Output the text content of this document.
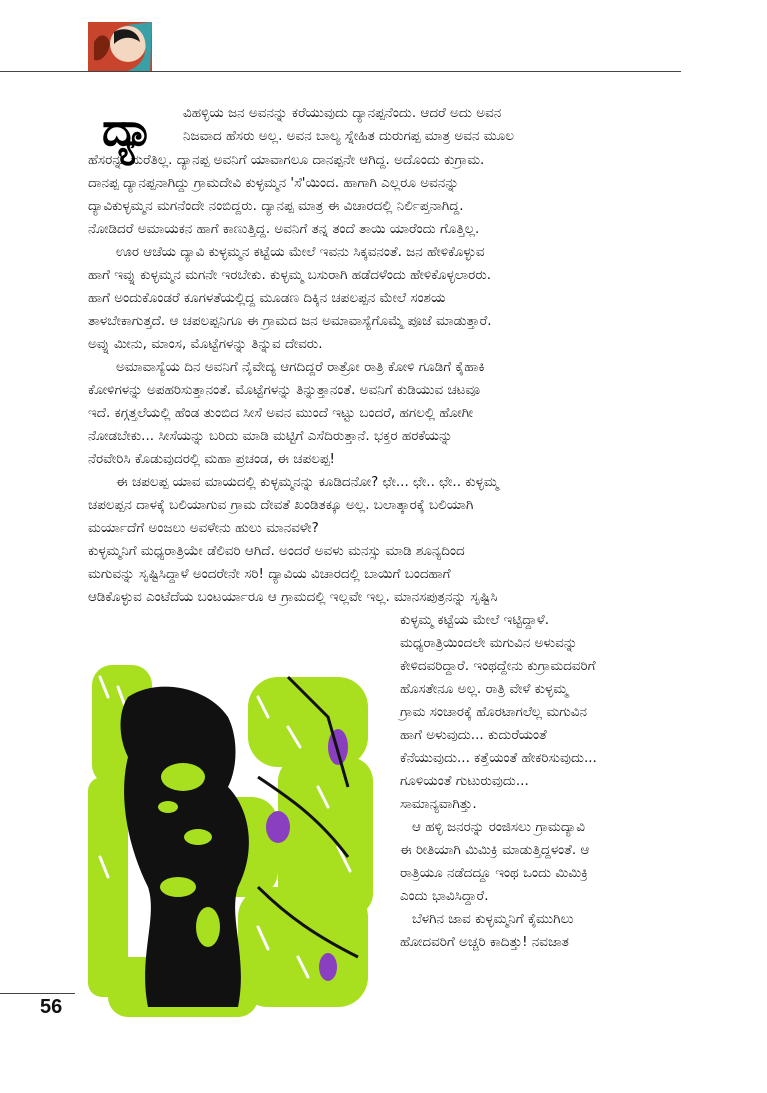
ದ್ಯಾ	ವಿಹಳ್ಳಿಯ ಜನ ಅವನನ್ನು ಕರೆಯುವುದು ದ್ಯಾನಪ್ಪನೆಂದು. ಆದರೆ ಅದು ಅವನ
ನಿಜವಾದ ಹೆಸರು ಅಲ್ಲ. ಅವನ ಬಾಲ್ಯ ಸ್ನೇಹಿತ ದುರುಗಪ್ಪ ಮಾತ್ರ ಅವನ ಮೂಲ
ಹೆಸರನ್ನು ಮರೆತಿಲ್ಲ. ದ್ಯಾನಪ್ಪ ಅವನಿಗೆ ಯಾವಾಗಲೂ ದಾನಪ್ಪನೇ ಆಗಿದ್ದ. ಅದೊಂದು ಕುಗ್ರಾಮ.
ದಾನಪ್ಪ ದ್ಯಾನಪ್ಪನಾಗಿದ್ದು ಗ್ರಾಮದೇವಿ ಕುಳ್ಳಮ್ಮನ 'ಸೆ'ಯಿಂದ. ಹಾಗಾಗಿ ಎಲ್ಲರೂ ಅವನನ್ನು
ದ್ಯಾವಿಕುಳ್ಳಮ್ಮನ ಮಗನೆಂದೇ ನಂಬಿದ್ದರು. ದ್ಯಾನಪ್ಪ ಮಾತ್ರ ಈ ವಿಚಾರದಲ್ಲಿ ನಿರ್ಲಿಪ್ತನಾಗಿದ್ದ.
ನೋಡಿದರೆ ಅಮಾಯಕನ ಹಾಗೆ ಕಾಣುತ್ತಿದ್ದ. ಅವನಿಗೆ ತನ್ನ ತಂದೆ ತಾಯಿ ಯಾರೆಂದು ಗೊತ್ತಿಲ್ಲ.
ಊರ ಆಚೆಯ ದ್ಯಾವಿ ಕುಳ್ಳಮ್ಮನ ಕಟ್ಟೆಯ ಮೇಲೆ ಇವನು ಸಿಕ್ಕವನಂತೆ. ಜನ ಹೇಳಿಕೊಳ್ಳುವ
ಹಾಗೆ ಇವ್ನು ಕುಳ್ಳಮ್ಮನ ಮಗನೇ ಇರಬೇಕು. ಕುಳ್ಳಮ್ಮ ಬಸುರಾಗಿ ಹಡೆದಳೆಂದು ಹೇಳಿಕೊಳ್ಳಲಾರರು.
ಹಾಗೆ ಅಂದುಕೊಂಡರೆ ಕೂಗಳತೆಯಲ್ಲಿದ್ದ ಮೂಡಣ ದಿಕ್ಕಿನ ಚಪಲಪ್ಪನ ಮೇಲೆ ಸಂಶಯ
ತಾಳಬೇಕಾಗುತ್ತದೆ. ಆ ಚಪಲಪ್ಪನಿಗೂ ಈ ಗ್ರಾಮದ ಜನ ಅಮಾವಾಸ್ಯೆಗೊಮ್ಮೆ ಪೂಜೆ ಮಾಡುತ್ತಾರೆ.
ಅವ್ನು ಮೀನು, ಮಾಂಸ, ಮೊಟ್ಟೆಗಳನ್ನು ತಿನ್ನುವ ದೇವರು.
ಅಮಾವಾಸ್ಯೆಯ ದಿನ ಅವನಿಗೆ ನೈವೇದ್ಯ ಆಗದಿದ್ದರೆ ರಾತ್ರೋ ರಾತ್ರಿ ಕೋಳಿ ಗೂಡಿಗೆ ಕೈಹಾಕಿ
ಕೋಳಿಗಳನ್ನು ಅಪಹರಿಸುತ್ತಾನಂತೆ. ಮೊಟ್ಟೆಗಳನ್ನು ತಿನ್ನುತ್ತಾನಂತೆ. ಅವನಿಗೆ ಕುಡಿಯುವ ಚಟವೂ
ಇದೆ. ಕಗ್ಗತ್ತಲೆಯಲ್ಲಿ ಹೆಂಡ ತುಂಬಿದ ಸೀಸೆ ಅವನ ಮುಂದೆ ಇಟ್ಟು ಬಂದರೆ, ಹಗಲಲ್ಲಿ ಹೋಗೀ
ನೋಡಬೇಕು... ಸೀಸೆಯನ್ನು ಬರಿದು ಮಾಡಿ ಮಟ್ಟಿಗೆ ಎಸೆದಿರುತ್ತಾನೆ. ಭಕ್ತರ ಹರಕೆಯನ್ನು
ನೆರವೇರಿಸಿ ಕೊಡುವುದರಲ್ಲಿ ಮಹಾ ಪ್ರಚಂಡ, ಈ ಚಪಲಪ್ಪ!
ಈ ಚಪಲಪ್ಪ ಯಾವ ಮಾಯದಲ್ಲಿ ಕುಳ್ಳಮ್ಮನನ್ನು ಕೂಡಿದನೋ? ಛೇ... ಛೇ.. ಛೇ.. ಕುಳ್ಳಮ್ಮ
ಚಪಲಪ್ಪನ ದಾಳಕ್ಕೆ ಬಲಿಯಾಗುವ ಗ್ರಾಮ ದೇವತೆ ಖಂಡಿತಕ್ಕೂ ಅಲ್ಲ. ಬಲಾತ್ಕಾರಕ್ಕೆ ಬಲಿಯಾಗಿ
ಮರ್ಯಾದೆಗೆ ಅಂಜಲು ಅವಳೇನು ಹುಲು ಮಾನವಳೇ?
ಕುಳ್ಳಮ್ಮನಿಗೆ ಮಧ್ಯರಾತ್ರಿಯೇ ಡೆಲಿವರಿ ಆಗಿದೆ. ಅಂದರೆ ಅವಳು ಮನಸ್ಸು ಮಾಡಿ ಶೂನ್ಯದಿಂದ
ಮಗುವನ್ನು ಸೃಷ್ಟಿಸಿದ್ದಾಳೆ ಅಂದರೇನೇ ಸರಿ! ದ್ಯಾವಿಯ ವಿಚಾರದಲ್ಲಿ ಬಾಯಿಗೆ ಬಂದಹಾಗೆ
ಆಡಿಕೊಳ್ಳುವ ಎಂಟೆದೆಯ ಬಂಟರ್ಯಾರೂ ಆ ಗ್ರಾಮದಲ್ಲಿ ಇಲ್ಲವೇ ಇಲ್ಲ. ಮಾನಸಪುತ್ರನನ್ನು ಸೃಷ್ಟಿಸಿ
ಕುಳ್ಳಮ್ಮ ಕಟ್ಟೆಯ ಮೇಲೆ ಇಟ್ಟಿದ್ದಾಳೆ.
ಮಧ್ಯರಾತ್ರಿಯಿಂದಲೇ ಮಗುವಿನ ಅಳುವನ್ನು
ಕೇಳಿದವರಿದ್ದಾರೆ. ಇಂಥದ್ದೇನು ಕುಗ್ರಾಮದವರಿಗೆ
ಹೊಸತೇನೂ ಅಲ್ಲ. ರಾತ್ರಿ ವೇಳೆ ಕುಳ್ಳಮ್ಮ
ಗ್ರಾಮ ಸಂಚಾರಕ್ಕೆ ಹೊರಟಾಗಲೆಲ್ಲ ಮಗುವಿನ
ಹಾಗೆ ಅಳುವುದು... ಕುದುರೆಯಂತೆ
ಕೆನೆಯುವುದು... ಕತ್ತೆಯಂತೆ ಹೇಕರಿಸುವುದು...
ಗೂಳಿಯಂತೆ ಗುಟುರುವುದು...
ಸಾಮಾನ್ಯವಾಗಿತ್ತು.
ಆ ಹಳ್ಳಿ ಜನರನ್ನು ರಂಜಿಸಲು ಗ್ರಾಮದ್ಯಾವಿ
ಈ ರೀತಿಯಾಗಿ ಮಿಮಿಕ್ರಿ ಮಾಡುತ್ತಿದ್ದಳಂತೆ. ಆ
ರಾತ್ರಿಯೂ ನಡೆದದ್ದೂ ಇಂಥ ಒಂದು ಮಿಮಿಕ್ರಿ
ಎಂದು ಭಾವಿಸಿದ್ದಾರೆ.
ಬೆಳಗಿನ ಜಾವ ಕುಳ್ಳಮ್ಮನಿಗೆ ಕೈಮುಗಿಲು
ಹೋದವರಿಗೆ ಅಚ್ಚರಿ ಕಾದಿತ್ತು! ನವಜಾತ
56
